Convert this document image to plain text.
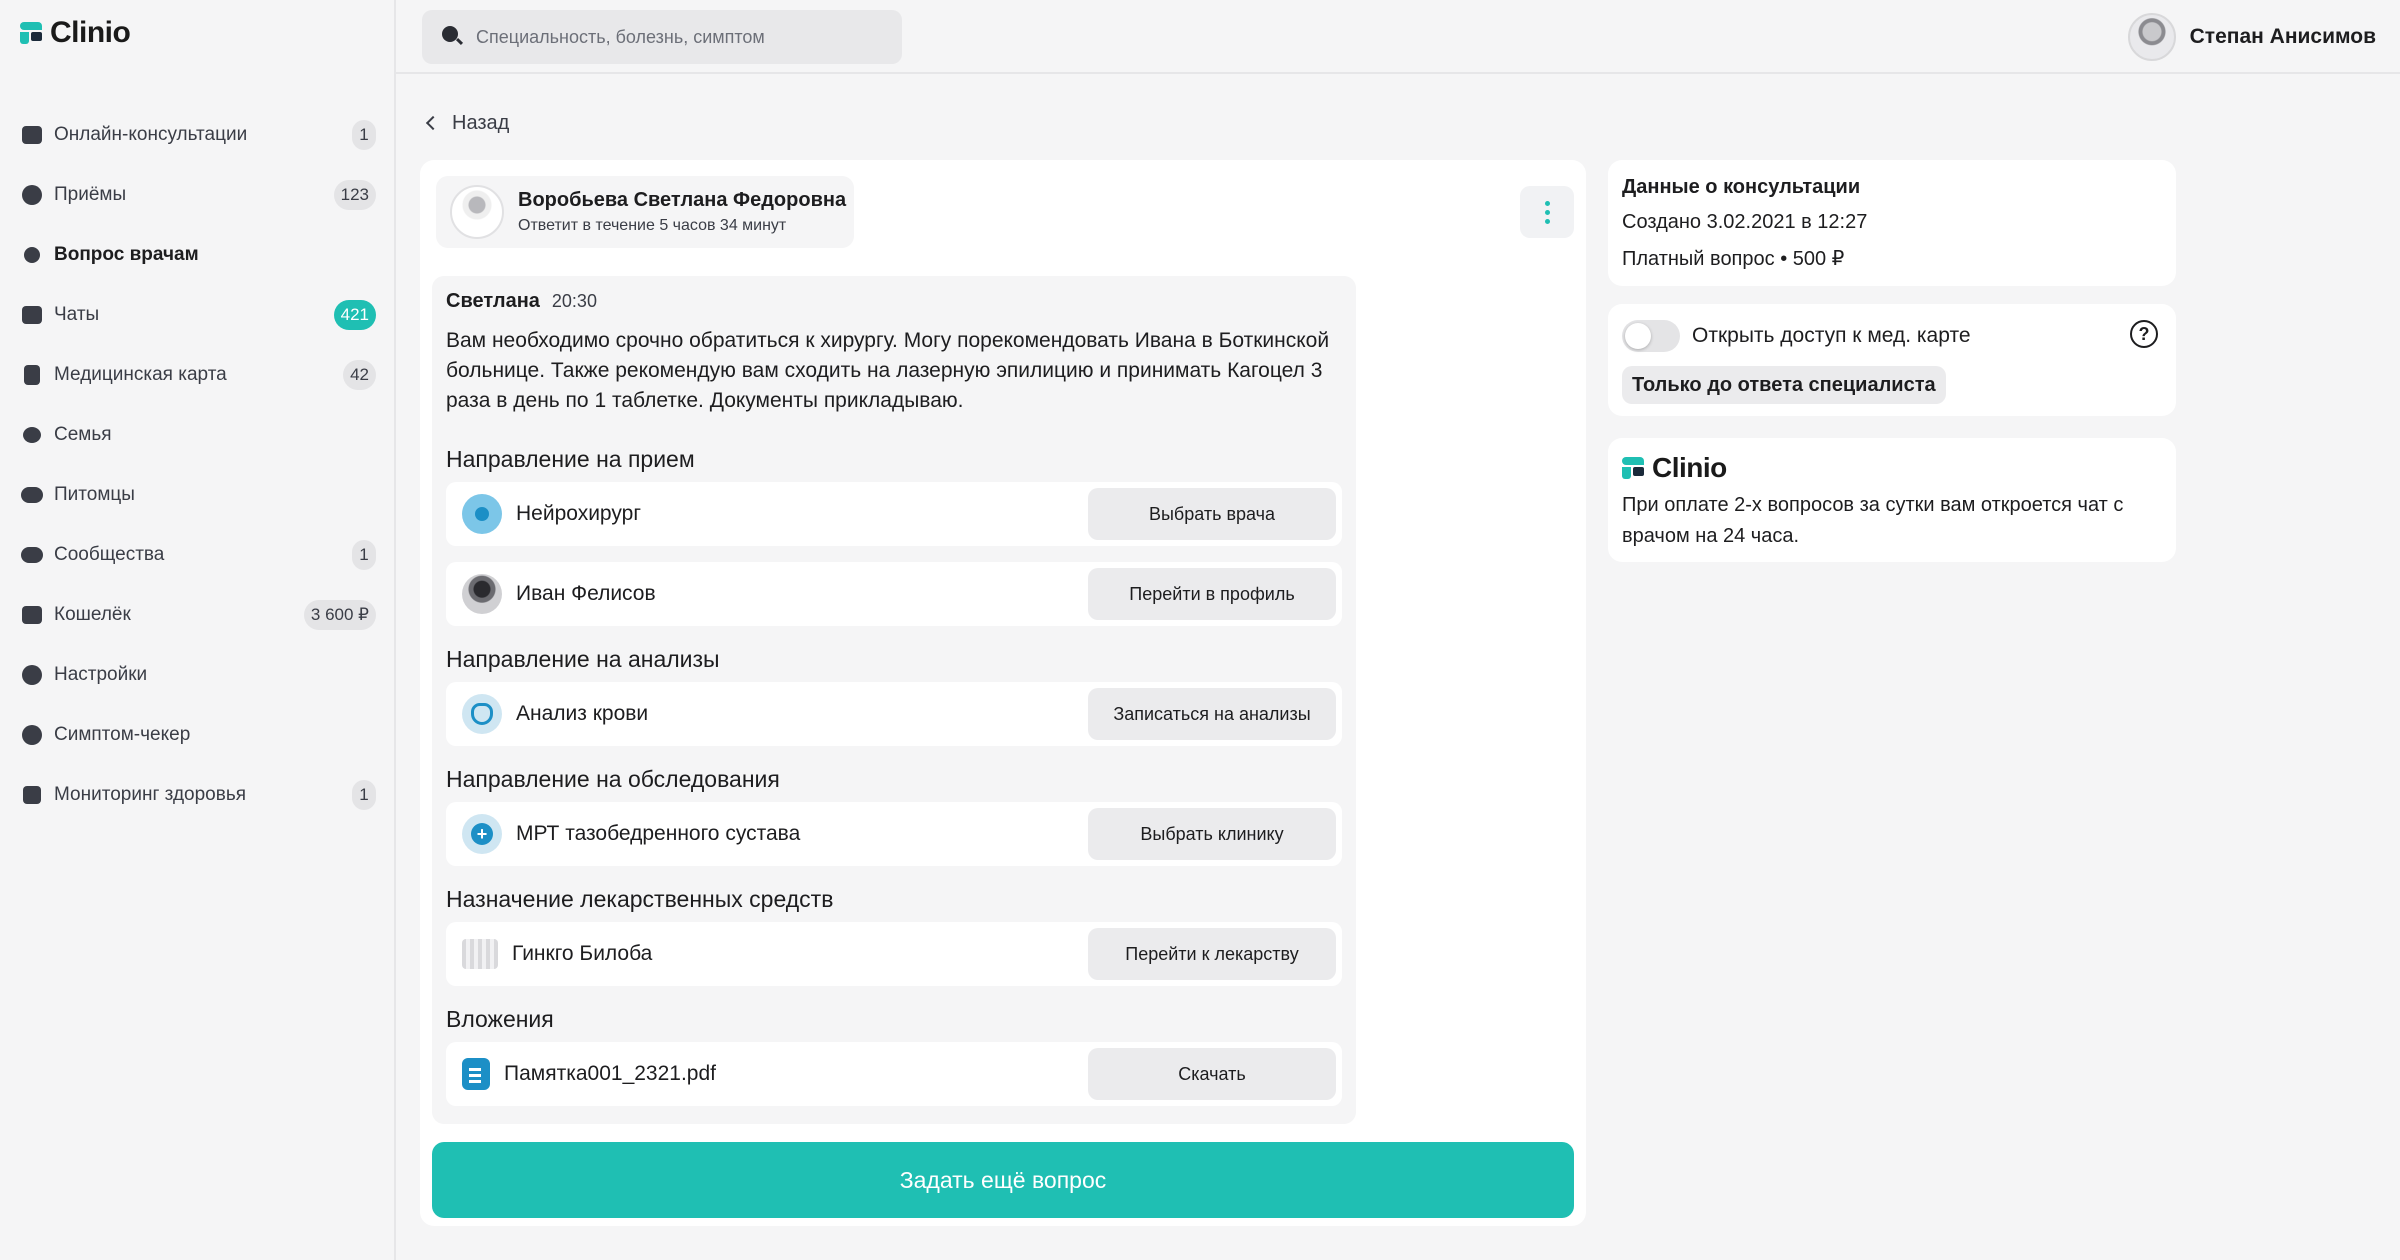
Clinio
Онлайн-консультации	1
Приёмы	123
Вопрос врачам
Чаты	421
Медицинская карта	42
Семья
Питомцы
Сообщества	1
Кошелёк	3 600 ₽
Настройки
Симптом-чекер
Мониторинг здоровья	1
Специальность, болезнь, симптом
Степан Анисимов
Назад
Воробьева Светлана Федоровна
Ответит в течение 5 часов 34 минут
Светлана 20:30
Вам необходимо срочно обратиться к хирургу. Могу порекомендовать Ивана в Боткинской больнице. Также рекомендую вам сходить на лазерную эпилицию и принимать Кагоцел 3 раза в день по 1 таблетке. Документы прикладываю.
Направление на прием
Нейрохирург	Выбрать врача
Иван Фелисов	Перейти в профиль
Направление на анализы
Анализ крови	Записаться на анализы
Направление на обследования
+
МРТ тазобедренного сустава	Выбрать клинику
Назначение лекарственных средств
Гинкго Билоба	Перейти к лекарству
Вложения
Памятка001_2321.pdf	Скачать
Задать ещё вопрос
Данные о консультации
Создано 3.02.2021 в 12:27
Платный вопрос • 500 ₽
Открыть доступ к мед. карте	?
Только до ответа специалиста
Clinio
При оплате 2-х вопросов за сутки вам откроется чат с врачом на 24 часа.
